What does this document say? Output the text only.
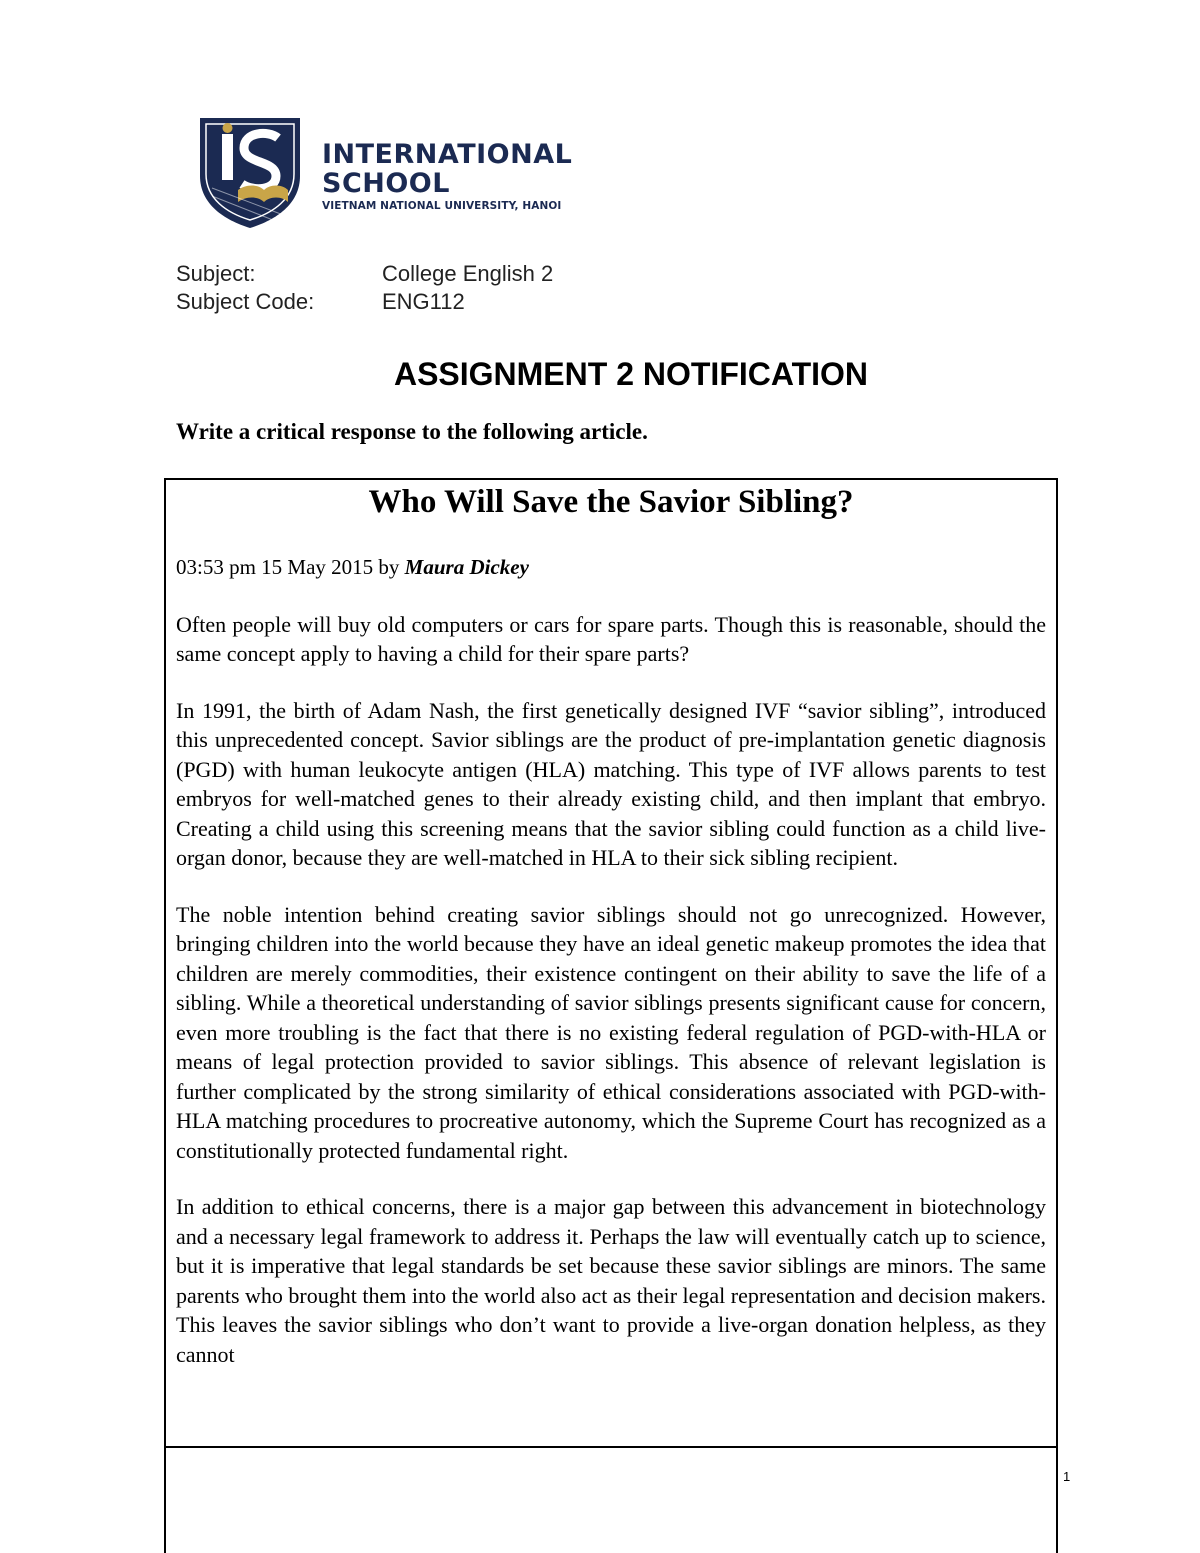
INTERNATIONAL
SCHOOL
VIETNAM NATIONAL UNIVERSITY, HANOI
Subject:	College English 2
Subject Code:	ENG112
ASSIGNMENT 2 NOTIFICATION

Write a critical response to the following article.

Who Will Save the Savior Sibling?

03:53 pm 15 May 2015 by Maura Dickey

Often people will buy old computers or cars for spare parts. Though this is reasonable, should the same concept apply to having a child for their spare parts?

In 1991, the birth of Adam Nash, the first genetically designed IVF “savior sibling”, introduced this unprecedented concept. Savior siblings are the product of pre-implantation genetic diagnosis (PGD) with human leukocyte antigen (HLA) matching. This type of IVF allows parents to test embryos for well-matched genes to their already existing child, and then implant that embryo. Creating a child using this screening means that the savior sibling could function as a child live-organ donor, because they are well-matched in HLA to their sick sibling recipient.

The noble intention behind creating savior siblings should not go unrecognized. However, bringing children into the world because they have an ideal genetic makeup promotes the idea that children are merely commodities, their existence contingent on their ability to save the life of a sibling. While a theoretical understanding of savior siblings presents significant cause for concern, even more troubling is the fact that there is no existing federal regulation of PGD-with-HLA or means of legal protection provided to savior siblings. This absence of relevant legislation is further complicated by the strong similarity of ethical considerations associated with PGD-with-HLA matching procedures to procreative autonomy, which the Supreme Court has recognized as a constitutionally protected fundamental right.

In addition to ethical concerns, there is a major gap between this advancement in biotechnology and a necessary legal framework to address it. Perhaps the law will eventually catch up to science, but it is imperative that legal standards be set because these savior siblings are minors. The same parents who brought them into the world also act as their legal representation and decision makers. This leaves the savior siblings who don’t want to provide a live-organ donation helpless, as they cannot

1
